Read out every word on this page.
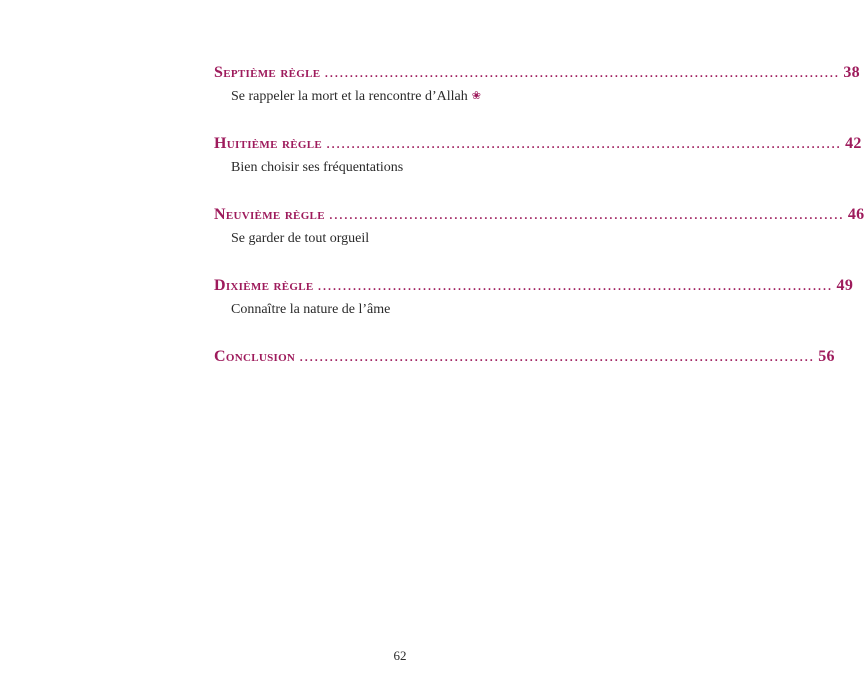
Septième règle ....................................................................................................... 38
Se rappeler la mort et la rencontre d’Allah ❀
Huitième règle ....................................................................................................... 42
Bien choisir ses fréquentations
Neuvième règle ....................................................................................................... 46
Se garder de tout orgueil
Dixième règle ....................................................................................................... 49
Connaître la nature de l’âme
Conclusion ....................................................................................................... 56
62
